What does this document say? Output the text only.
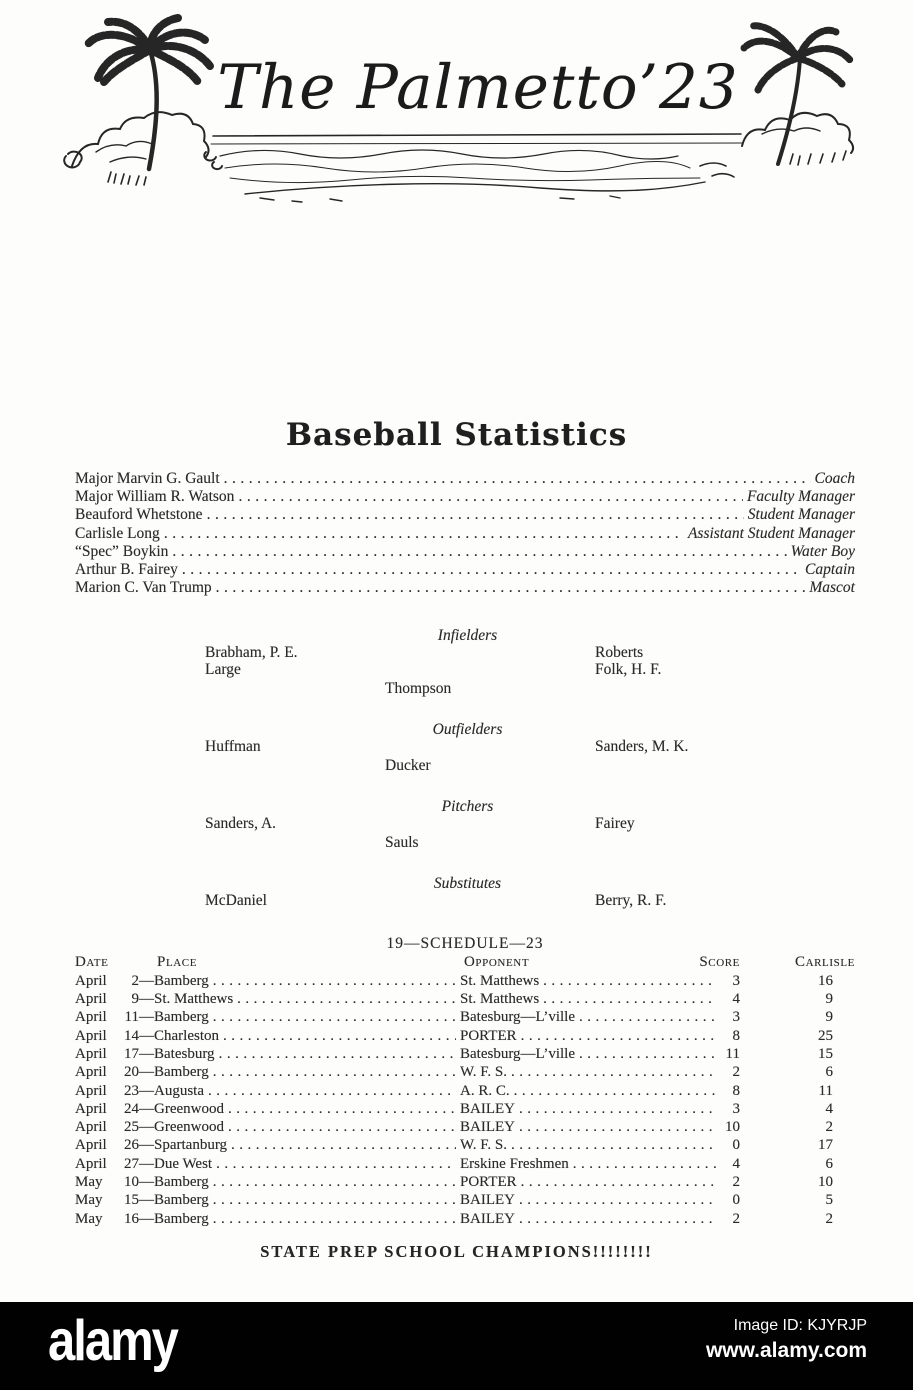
The Palmetto’23
Baseball Statistics
Major Marvin G. Gault .....	Coach
Major William R. Watson .....	Faculty Manager
Beauford Whetstone .....	Student Manager
Carlisle Long .....	Assistant Student Manager
“Spec” Boykin .....	Water Boy
Arthur B. Fairey .....	Captain
Marion C. Van Trump .....	Mascot
Infielders
Brabham, P. E.	Roberts
Large	Folk, H. F.
Thompson
Outfielders
Huffman	Sanders, M. K.
Ducker
Pitchers
Sanders, A.	Fairey
Sauls
Substitutes
McDaniel	Berry, R. F.
19—SCHEDULE—23
Date	Place	Opponent	Score	Carlisle
April	2 — Bamberg .....	St. Matthews .....	3	16
April	9 — St. Matthews .....	St. Matthews .....	4	9
April	11 — Bamberg .....	Batesburg—L’ville .....	3	9
April	14 — Charleston .....	PORTER .....	8	25
April	17 — Batesburg .....	Batesburg—L’ville .....	11	15
April	20 — Bamberg .....	W. F. S. .....	2	6
April	23 — Augusta .....	A. R. C. .....	8	11
April	24 — Greenwood .....	BAILEY .....	3	4
April	25 — Greenwood .....	BAILEY .....	10	2
April	26 — Spartanburg .....	W. F. S. .....	0	17
April	27 — Due West .....	Erskine Freshmen .....	4	6
May	10 — Bamberg .....	PORTER .....	2	10
May	15 — Bamberg .....	BAILEY .....	0	5
May	16 — Bamberg .....	BAILEY .....	2	2
STATE PREP SCHOOL CHAMPIONS!!!!!!!!
alamy	Image ID: KJYRJP
www.alamy.com
